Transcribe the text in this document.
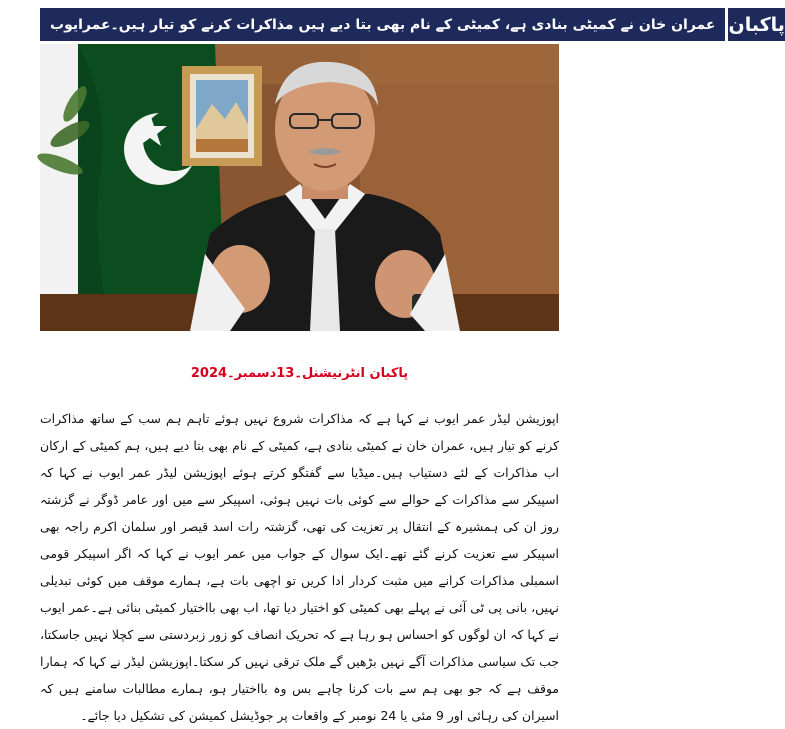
عمران خان نے کمیٹی بنادی ہے، کمیٹی کے نام بھی بتا دیے ہیں مذاکرات کرنے کو تیار ہیں۔عمرایوب پاکبان
پاکبان انٹرنیشنل۔13دسمبر۔2024
اپوزیشن لیڈر عمر ایوب نے کہا ہے کہ مذاکرات شروع نہیں ہوئے تاہم ہم سب کے ساتھ مذاکرات کرنے کو تیار ہیں، عمران خان نے کمیٹی بنادی ہے، کمیٹی کے نام بھی بتا دیے ہیں، ہم کمیٹی کے ارکان اب مذاکرات کے لئے دستیاب ہیں۔میڈیا سے گفتگو کرتے ہوئے اپوزیشن لیڈر عمر ایوب نے کہا کہ اسپیکر سے مذاکرات کے حوالے سے کوئی بات نہیں ہوئی، اسپیکر سے میں اور عامر ڈوگر نے گزشتہ روز ان کی ہمشیرہ کے انتقال پر تعزیت کی تھی، گزشتہ رات اسد قیصر اور سلمان اکرم راجہ بھی اسپیکر سے تعزیت کرنے گئے تھے۔ایک سوال کے جواب میں عمر ایوب نے کہا کہ اگر اسپیکر قومی اسمبلی مذاکرات کرانے میں مثبت کردار ادا کریں تو اچھی بات ہے، ہمارے موقف میں کوئی تبدیلی نہیں، بانی پی ٹی آئی نے پہلے بھی کمیٹی کو اختیار دیا تھا، اب بھی بااختیار کمیٹی بنائی ہے۔عمر ایوب نے کہا کہ ان لوگوں کو احساس ہو رہا ہے کہ تحریک انصاف کو زور زبردستی سے کچلا نہیں جاسکتا، جب تک سیاسی مذاکرات آگے نہیں بڑھیں گے ملک ترقی نہیں کر سکتا۔اپوزیشن لیڈر نے کہا کہ ہمارا موقف ہے کہ جو بھی ہم سے بات کرنا چاہے بس وہ بااختیار ہو، ہمارے مطالبات سامنے ہیں کہ اسیران کی رہائی اور 9 مئی یا 24 نومبر کے واقعات پر جوڈیشل کمیشن کی تشکیل دیا جائے۔
